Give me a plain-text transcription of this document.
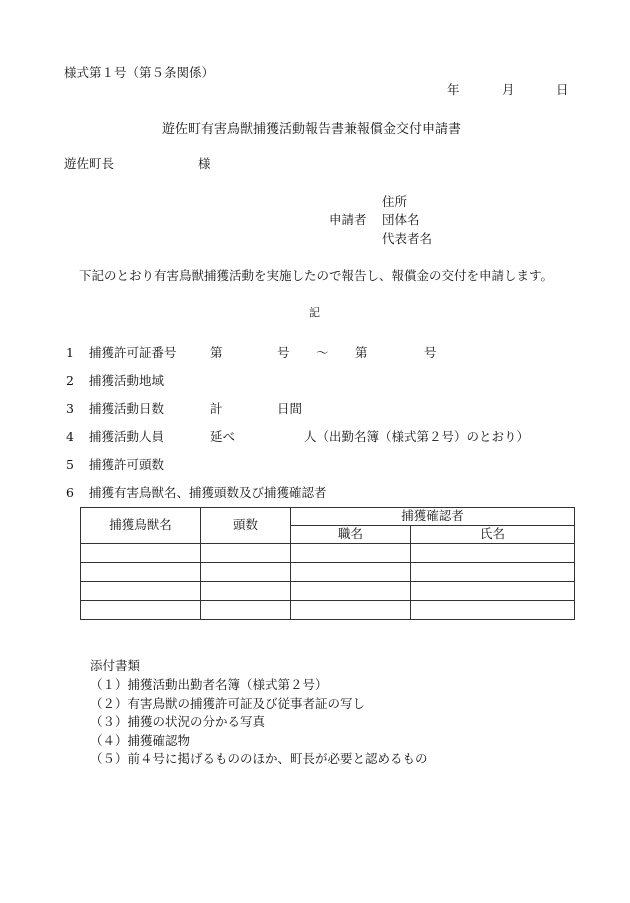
様式第１号（第５条関係）
年	月	日
遊佐町有害鳥獣捕獲活動報告書兼報償金交付申請書
遊佐町長	様
住所
申請者 団体名
代表者名
下記のとおり有害鳥獣捕獲活動を実施したので報告し、報償金の交付を申請します。
記
1 捕獲許可証番号	第	号 ～ 第	号
2 捕獲活動地域
3 捕獲活動日数	計	日間
4 捕獲活動人員	延べ	人（出勤名簿（様式第２号）のとおり）
5 捕獲許可頭数
6 捕獲有害鳥獣名、捕獲頭数及び捕獲確認者
捕獲鳥獣名	頭数	捕獲確認者	
		職名	氏名

添付書類
（１）捕獲活動出勤者名簿（様式第２号）
（２）有害鳥獣の捕獲許可証及び従事者証の写し
（３）捕獲の状況の分かる写真
（４）捕獲確認物
（５）前４号に掲げるもののほか、町長が必要と認めるもの
